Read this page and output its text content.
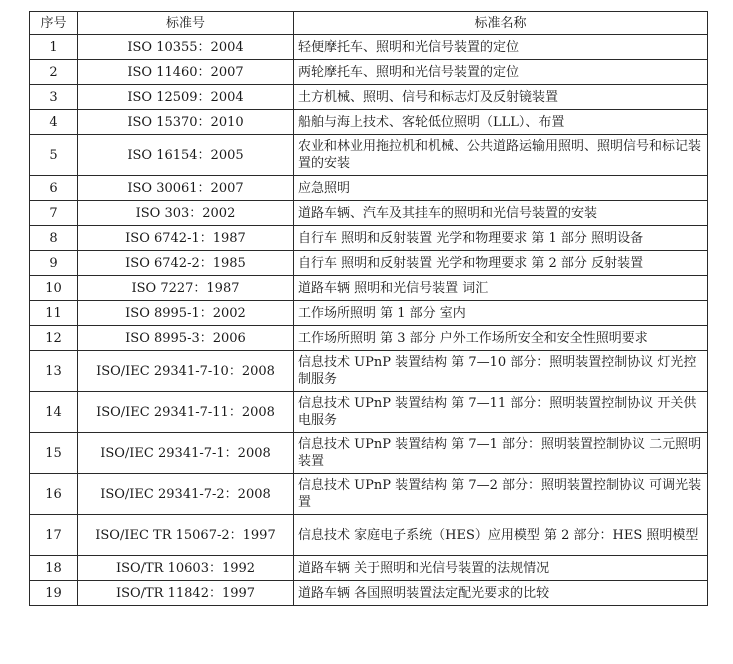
序号	标准号	标准名称
1	ISO 10355：2004	轻便摩托车、照明和光信号装置的定位
2	ISO 11460：2007	两轮摩托车、照明和光信号装置的定位
3	ISO 12509：2004	土方机械、照明、信号和标志灯及反射镜装置
4	ISO 15370：2010	船舶与海上技术、客轮低位照明（LLL）、布置
5	ISO 16154：2005	农业和林业用拖拉机和机械、公共道路运输用照明、照明信号和标记装置的安装
6	ISO 30061：2007	应急照明
7	ISO 303：2002	道路车辆、汽车及其挂车的照明和光信号装置的安装
8	ISO 6742-1：1987	自行车 照明和反射装置 光学和物理要求 第 1 部分 照明设备
9	ISO 6742-2：1985	自行车 照明和反射装置 光学和物理要求 第 2 部分 反射装置
10	ISO 7227：1987	道路车辆 照明和光信号装置 词汇
11	ISO 8995-1：2002	工作场所照明 第 1 部分 室内
12	ISO 8995-3：2006	工作场所照明 第 3 部分 户外工作场所安全和安全性照明要求
13	ISO/IEC 29341-7-10：2008	信息技术 UPnP 装置结构 第 7—10 部分：照明装置控制协议 灯光控制服务
14	ISO/IEC 29341-7-11：2008	信息技术 UPnP 装置结构 第 7—11 部分：照明装置控制协议 开关供电服务
15	ISO/IEC 29341-7-1：2008	信息技术 UPnP 装置结构 第 7—1 部分：照明装置控制协议 二元照明装置
16	ISO/IEC 29341-7-2：2008	信息技术 UPnP 装置结构 第 7—2 部分：照明装置控制协议 可调光装置
17	ISO/IEC TR 15067-2：1997	信息技术 家庭电子系统（HES）应用模型 第 2 部分：HES 照明模型
18	ISO/TR 10603：1992	道路车辆 关于照明和光信号装置的法规情况
19	ISO/TR 11842：1997	道路车辆 各国照明装置法定配光要求的比较
